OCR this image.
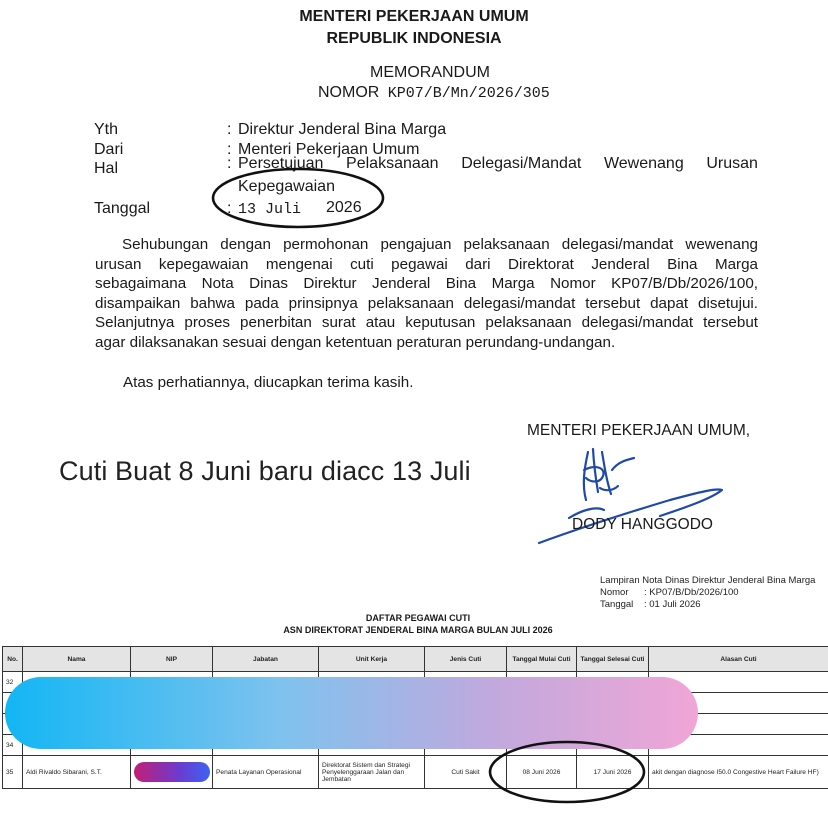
MENTERI PEKERJAAN UMUM
REPUBLIK INDONESIA
MEMORANDUM
NOMOR KP07/B/Mn/2026/305
Yth	: Direktur Jenderal Bina Marga
Dari	: Menteri Pekerjaan Umum
Hal	: Persetujuan Pelaksanaan Delegasi/Mandat Wewenang Urusan
Kepegawaian
Tanggal	: 13 Juli 2026
Sehubungan dengan permohonan pengajuan pelaksanaan delegasi/mandat wewenang
urusan kepegawaian mengenai cuti pegawai dari Direktorat Jenderal Bina Marga
sebagaimana Nota Dinas Direktur Jenderal Bina Marga Nomor KP07/B/Db/2026/100,
disampaikan bahwa pada prinsipnya pelaksanaan delegasi/mandat tersebut dapat disetujui.
Selanjutnya proses penerbitan surat atau keputusan pelaksanaan delegasi/mandat tersebut
agar dilaksanakan sesuai dengan ketentuan peraturan perundang-undangan.
Atas perhatiannya, diucapkan terima kasih.
MENTERI PEKERJAAN UMUM,
Cuti Buat 8 Juni baru diacc 13 Juli
DODY HANGGODO
Lampiran Nota Dinas Direktur Jenderal Bina Marga
Nomor : KP07/B/Db/2026/100
Tanggal : 01 Juli 2026
DAFTAR PEGAWAI CUTI
ASN DIREKTORAT JENDERAL BINA MARGA BULAN JULI 2026
No.	Nama	NIP	Jabatan	Unit Kerja	Jenis Cuti	Tanggal Mulai Cuti	Tanggal Selesai Cuti	Alasan Cuti
32								

34								
35	Aldi Rivaldo Sibarani, S.T.		Penata Layanan Operasional	Direktorat Sistem dan Strategi Penyelenggaraan Jalan dan Jembatan	Cuti Sakit	08 Juni 2026	17 Juni 2026	akit dengan diagnose I50.0 Congestive Heart Failure HF)
